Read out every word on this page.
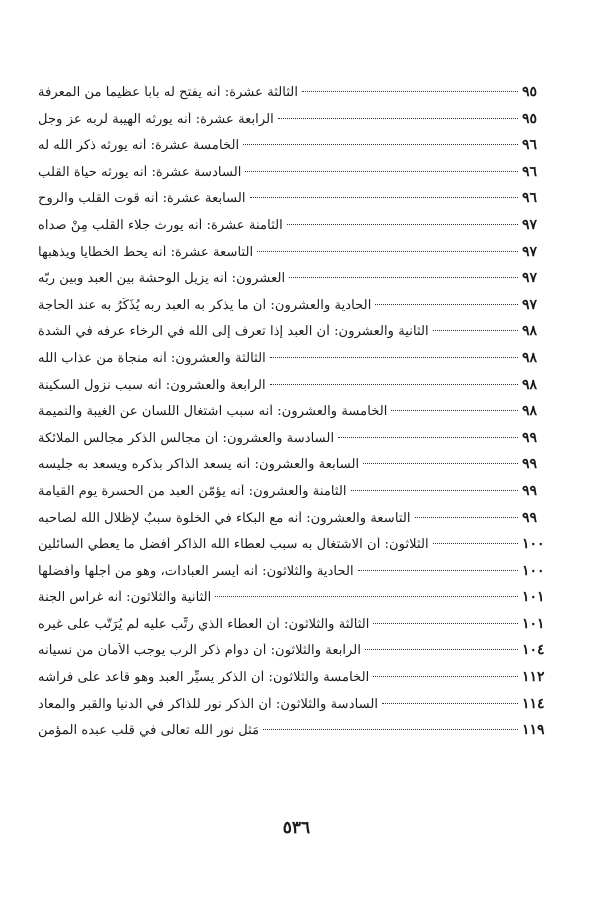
الثالثة عشرة: أنه يفتح له باباً عظيماً من المعرفة	٩٥
الرابعة عشرة: أنه يورثه الهيبة لربه عز وجل	٩٥
الخامسة عشرة: أنه يورثه ذكر الله له	٩٦
السادسة عشرة: أنه يورثه حياة القلب	٩٦
السابعة عشرة: أنه قوت القلب والروح	٩٦
الثامنة عشرة: أنه يورث جلاء القلب مِنْ صداه	٩٧
التاسعة عشرة: أنه يحط الخطايا ويذهبها	٩٧
العشرون: أنه يزيل الوحشة بين العبد وبين ربّه	٩٧
الحادية والعشرون: أن ما يذكر به العبد ربه يُذَكِّرُ به عند الحاجة	٩٧
الثانية والعشرون: أن العبد إذا تعرف إلى الله في الرخاء عرفه في الشدة	٩٨
الثالثة والعشرون: أنه منجاة من عذاب الله	٩٨
الرابعة والعشرون: أنه سبب نزول السكينة	٩٨
الخامسة والعشرون: أنه سبب اشتغال اللسان عن الغيبة والنميمة	٩٨
السادسة والعشرون: أن مجالس الذكر مجالس الملائكة	٩٩
السابعة والعشرون: أنه يسعد الذاكر بذكره ويسعد به جليسه	٩٩
الثامنة والعشرون: أنه يؤمّن العبد من الحسرة يوم القيامة	٩٩
التاسعة والعشرون: أنه مع البكاء في الخلوة سببٌ لإظلال الله لصاحبه	٩٩
الثلاثون: أن الاشتغال به سبب لعطاء الله الذاكر أفضل ما يعطي السائلين	١٠٠
الحادية والثلاثون: أنه أيسر العبادات، وهو من أجلّها وأفضلها	١٠٠
الثانية والثلاثون: أنه غراس الجنة	١٠١
الثالثة والثلاثون: أن العطاء الذي رتِّب عليه لم يُرَتَّب على غيره	١٠١
الرابعة والثلاثون: أن دوام ذكر الرب يوجب الأمان من نسيانه	١٠٤
الخامسة والثلاثون: أن الذكر يسيِّر العبد وهو قاعد على فراشه	١١٢
السادسة والثلاثون: أن الذكر نور للذاكر في الدنيا والقبر والمعاد	١١٤
مَثل نور الله تعالى في قلب عبده المؤمن	١١٩
٥٣٦
